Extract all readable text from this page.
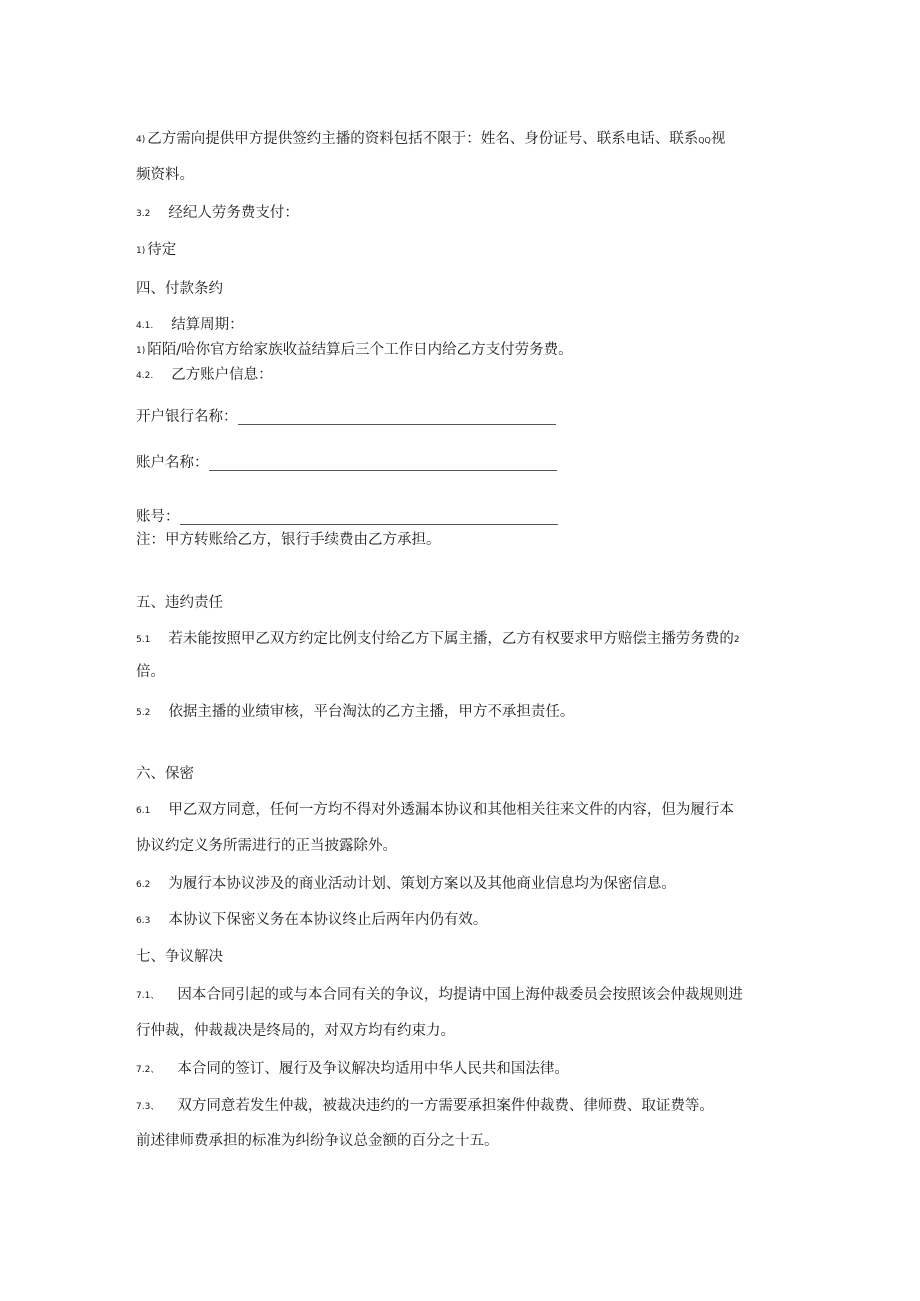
4) 乙方需向提供甲方提供签约主播的资料包括不限于：姓名、身份证号、联系电话、联系QQ视
频资料。
3.2 经纪人劳务费支付：
1) 待定
四、付款条约
4.1. 结算周期：
1) 陌陌/哈你官方给家族收益结算后三个工作日内给乙方支付劳务费。
4.2. 乙方账户信息：
开户银行名称：
账户名称：
账号：
注：甲方转账给乙方，银行手续费由乙方承担。
五、违约责任
5.1 若未能按照甲乙双方约定比例支付给乙方下属主播，乙方有权要求甲方赔偿主播劳务费的2
倍。
5.2 依据主播的业绩审核，平台淘汰的乙方主播，甲方不承担责任。
六、保密
6.1 甲乙双方同意，任何一方均不得对外透漏本协议和其他相关往来文件的内容，但为履行本
协议约定义务所需进行的正当披露除外。
6.2 为履行本协议涉及的商业活动计划、策划方案以及其他商业信息均为保密信息。
6.3 本协议下保密义务在本协议终止后两年内仍有效。
七、争议解决
7.1、 因本合同引起的或与本合同有关的争议，均提请中国上海仲裁委员会按照该会仲裁规则进
行仲裁，仲裁裁决是终局的，对双方均有约束力。
7.2、 本合同的签订、履行及争议解决均适用中华人民共和国法律。
7.3、 双方同意若发生仲裁，被裁决违约的一方需要承担案件仲裁费、律师费、取证费等。
前述律师费承担的标准为纠纷争议总金额的百分之十五。
